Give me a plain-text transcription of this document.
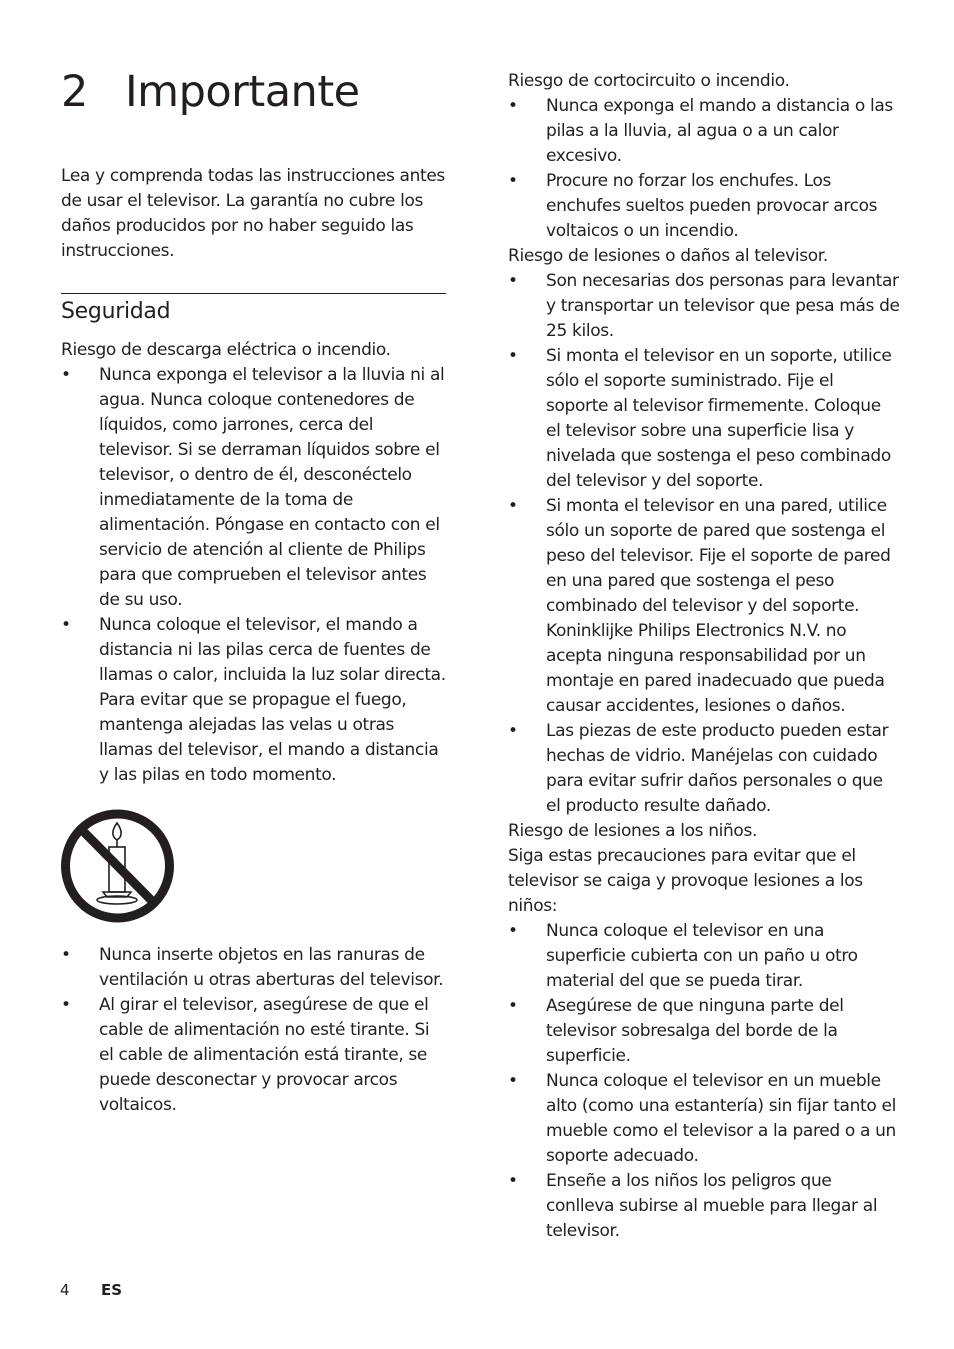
2 Importante

Lea y comprenda todas las instrucciones antes de usar el televisor. La garantía no cubre los daños producidos por no haber seguido las instrucciones.

Seguridad

Riesgo de descarga eléctrica o incendio.

• Nunca exponga el televisor a la lluvia ni al agua. Nunca coloque contenedores de líquidos, como jarrones, cerca del televisor. Si se derraman líquidos sobre el televisor, o dentro de él, desconéctelo inmediatamente de la toma de alimentación. Póngase en contacto con el servicio de atención al cliente de Philips para que comprueben el televisor antes de su uso.
• Nunca coloque el televisor, el mando a distancia ni las pilas cerca de fuentes de llamas o calor, incluida la luz solar directa. Para evitar que se propague el fuego, mantenga alejadas las velas u otras llamas del televisor, el mando a distancia y las pilas en todo momento.
• Nunca inserte objetos en las ranuras de ventilación u otras aberturas del televisor.
• Al girar el televisor, asegúrese de que el cable de alimentación no esté tirante. Si el cable de alimentación está tirante, se puede desconectar y provocar arcos voltaicos.

Riesgo de cortocircuito o incendio.

• Nunca exponga el mando a distancia o las pilas a la lluvia, al agua o a un calor excesivo.
• Procure no forzar los enchufes. Los enchufes sueltos pueden provocar arcos voltaicos o un incendio.

Riesgo de lesiones o daños al televisor.

• Son necesarias dos personas para levantar y transportar un televisor que pesa más de 25 kilos.
• Si monta el televisor en un soporte, utilice sólo el soporte suministrado. Fije el soporte al televisor firmemente. Coloque el televisor sobre una superficie lisa y nivelada que sostenga el peso combinado del televisor y del soporte.
• Si monta el televisor en una pared, utilice sólo un soporte de pared que sostenga el peso del televisor. Fije el soporte de pared en una pared que sostenga el peso combinado del televisor y del soporte. Koninklijke Philips Electronics N.V. no acepta ninguna responsabilidad por un montaje en pared inadecuado que pueda causar accidentes, lesiones o daños.
• Las piezas de este producto pueden estar hechas de vidrio. Manéjelas con cuidado para evitar sufrir daños personales o que el producto resulte dañado.

Riesgo de lesiones a los niños.

Siga estas precauciones para evitar que el televisor se caiga y provoque lesiones a los niños:

• Nunca coloque el televisor en una superficie cubierta con un paño u otro material del que se pueda tirar.
• Asegúrese de que ninguna parte del televisor sobresalga del borde de la superficie.
• Nunca coloque el televisor en un mueble alto (como una estantería) sin fijar tanto el mueble como el televisor a la pared o a un soporte adecuado.
• Enseñe a los niños los peligros que conlleva subirse al mueble para llegar al televisor.
4 ES
